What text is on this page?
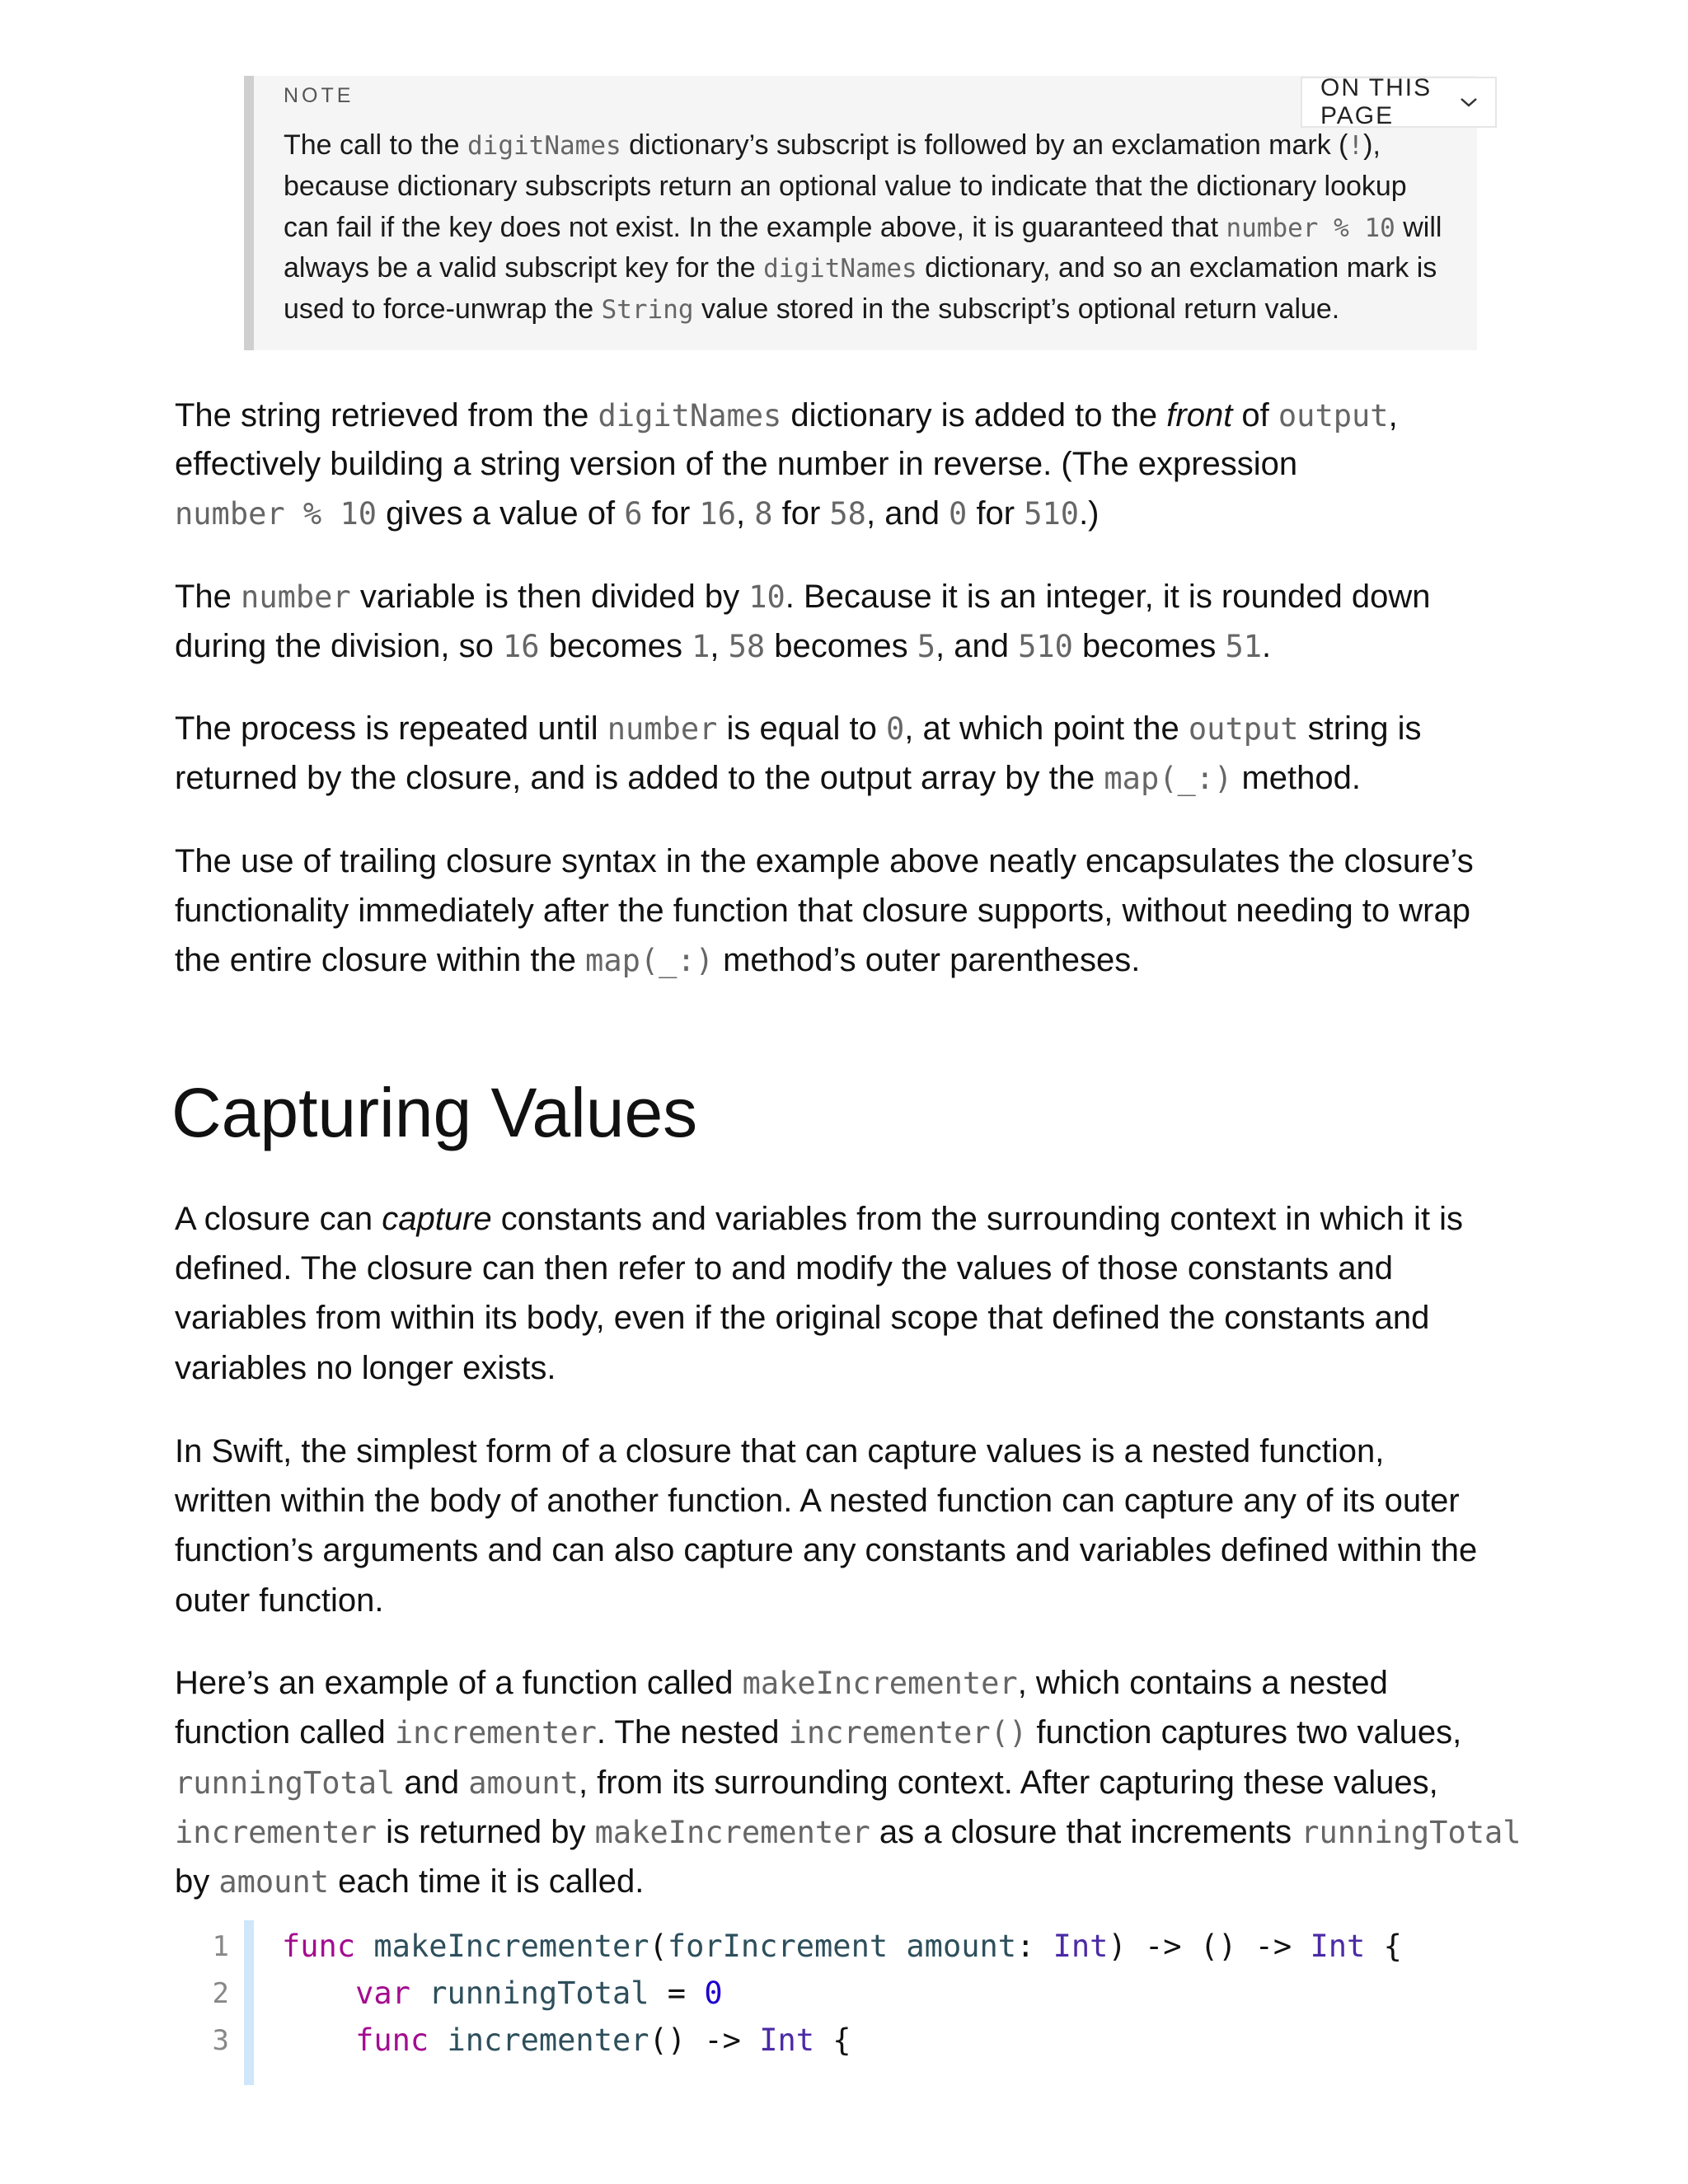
NOTE
The call to the digitNames dictionary’s subscript is followed by an exclamation mark (!),
because dictionary subscripts return an optional value to indicate that the dictionary lookup
can fail if the key does not exist. In the example above, it is guaranteed that number % 10 will
always be a valid subscript key for the digitNames dictionary, and so an exclamation mark is
used to force-unwrap the String value stored in the subscript’s optional return value.
ON THIS PAGE
The string retrieved from the digitNames dictionary is added to the front of output,
effectively building a string version of the number in reverse. (The expression
number % 10 gives a value of 6 for 16, 8 for 58, and 0 for 510.)
The number variable is then divided by 10. Because it is an integer, it is rounded down
during the division, so 16 becomes 1, 58 becomes 5, and 510 becomes 51.
The process is repeated until number is equal to 0, at which point the output string is
returned by the closure, and is added to the output array by the map(_:) method.
The use of trailing closure syntax in the example above neatly encapsulates the closure’s
functionality immediately after the function that closure supports, without needing to wrap
the entire closure within the map(_:) method’s outer parentheses.
Capturing Values
A closure can capture constants and variables from the surrounding context in which it is
defined. The closure can then refer to and modify the values of those constants and
variables from within its body, even if the original scope that defined the constants and
variables no longer exists.
In Swift, the simplest form of a closure that can capture values is a nested function,
written within the body of another function. A nested function can capture any of its outer
function’s arguments and can also capture any constants and variables defined within the
outer function.
Here’s an example of a function called makeIncrementer, which contains a nested
function called incrementer. The nested incrementer() function captures two values,
runningTotal and amount, from its surrounding context. After capturing these values,
incrementer is returned by makeIncrementer as a closure that increments runningTotal
by amount each time it is called.
1 func makeIncrementer(forIncrement amount: Int) -> () -> Int {
2	var runningTotal = 0
3	func incrementer() -> Int {
